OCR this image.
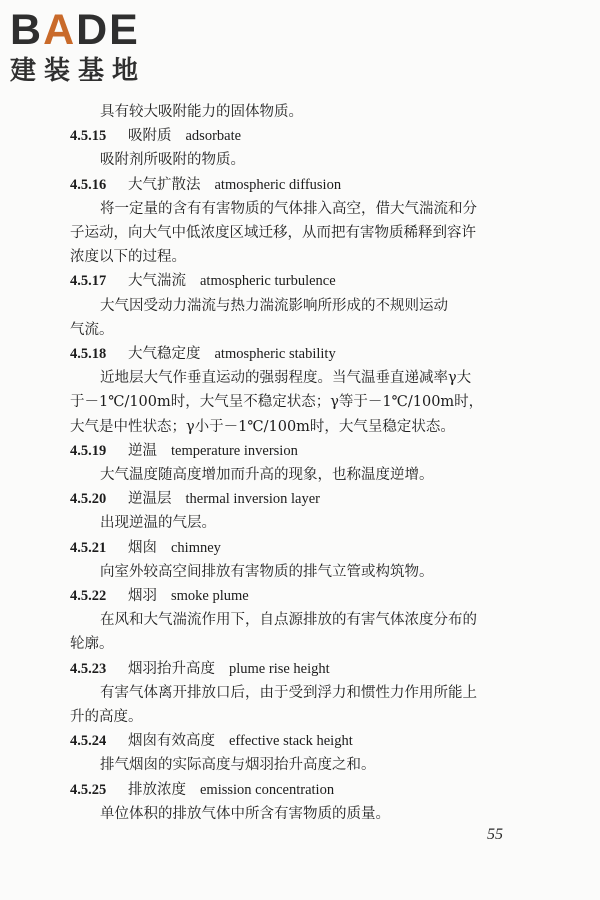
BADE
建装基地
具有较大吸附能力的固体物质。
4.5.15 吸附质 adsorbate
吸附剂所吸附的物质。
4.5.16 大气扩散法 atmospheric diffusion
将一定量的含有有害物质的气体排入高空，借大气湍流和分
子运动，向大气中低浓度区域迁移，从而把有害物质稀释到容许
浓度以下的过程。
4.5.17 大气湍流 atmospheric turbulence
大气因受动力湍流与热力湍流影响所形成的不规则运动
气流。
4.5.18 大气稳定度 atmospheric stability
近地层大气作垂直运动的强弱程度。当气温垂直递减率γ大
于－1℃/100m时，大气呈不稳定状态；γ等于－1℃/100m时，
大气是中性状态；γ小于－1℃/100m时，大气呈稳定状态。
4.5.19 逆温 temperature inversion
大气温度随高度增加而升高的现象，也称温度逆增。
4.5.20 逆温层 thermal inversion layer
出现逆温的气层。
4.5.21 烟囱 chimney
向室外较高空间排放有害物质的排气立管或构筑物。
4.5.22 烟羽 smoke plume
在风和大气湍流作用下，自点源排放的有害气体浓度分布的
轮廓。
4.5.23 烟羽抬升高度 plume rise height
有害气体离开排放口后，由于受到浮力和惯性力作用所能上
升的高度。
4.5.24 烟囱有效高度 effective stack height
排气烟囱的实际高度与烟羽抬升高度之和。
4.5.25 排放浓度 emission concentration
单位体积的排放气体中所含有害物质的质量。
55
